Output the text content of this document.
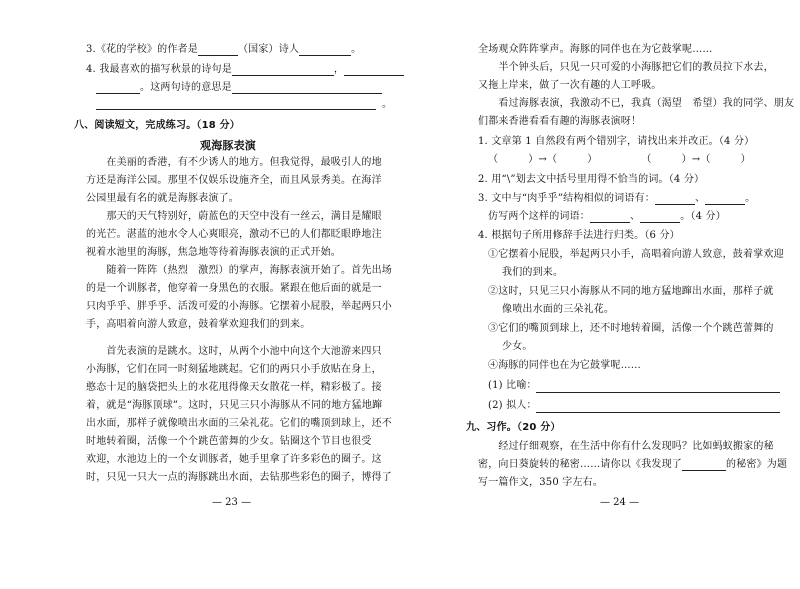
3.《花的学校》的作者是	（国家）诗人	。
4. 我最喜欢的描写秋景的诗句是	，
。这两句诗的意思是
。
八、阅读短文，完成练习。（18 分）
观海豚表演
　　在美丽的香港，有不少诱人的地方。但我觉得，最吸引人的地
方还是海洋公园。那里不仅娱乐设施齐全，而且风景秀美。在海洋
公园里最有名的就是海豚表演了。
　　那天的天气特别好，蔚蓝色的天空中没有一丝云，满目是耀眼
的光芒。湛蓝的池水令人心爽眼亮，激动不已的人们都眨眼睁地注
视着水池里的海豚，焦急地等待着海豚表演的正式开始。
　　随着一阵阵（热烈　激烈）的掌声，海豚表演开始了。首先出场
的是一个训豚者，他穿着一身黑色的衣服。紧跟在他后面的就是一
只肉乎乎、胖乎乎、活泼可爱的小海豚。它摆着小屁股，举起两只小
手，高唱着向游人致意，鼓着掌欢迎我们的到来。
　　首先表演的是跳水。这时，从两个小池中向这个大池游来四只
小海豚，它们在同一时刻猛地跳起。它们的两只小手放贴在身上，
憨态十足的脑袋把头上的水花甩得像天女散花一样，精彩极了。接
着，就是“海豚顶球”。这时，只见三只小海豚从不同的地方猛地蹿
出水面，那样子就像喷出水面的三朵礼花。它们的嘴顶到球上，还不
时地转着圈，活像一个个跳芭蕾舞的少女。钻圈这个节目也很受
欢迎，水池边上的一个女训豚者，她手里拿了许多彩色的圈子。这
时，只见一只大一点的海豚跳出水面，去钻那些彩色的圈子，博得了
— 23 —
全场观众阵阵掌声。海豚的同伴也在为它鼓掌呢……
　　半个钟头后，只见一只可爱的小海豚把它们的教员拉下水去，
又拖上岸来，做了一次有趣的人工呼吸。
　　看过海豚表演，我激动不已，我真（渴望　希望）我的同学、朋友
们都来香港看看有趣的海豚表演呀！
1. 文章第 1 自然段有两个错别字，请找出来并改正。（4 分）
（	）→（	）	（	）→（	）
2. 用“\”划去文中括号里用得不恰当的词。（4 分）
3. 文中与“肉乎乎”结构相似的词语有：	、	。
仿写两个这样的词语：	、	。（4 分）
4. 根据句子所用修辞手法进行归类。（6 分）
①它摆着小屁股，举起两只小手，高唱着向游人致意，鼓着掌欢迎
我们的到来。
②这时，只见三只小海豚从不同的地方猛地蹿出水面，那样子就
像喷出水面的三朵礼花。
③它们的嘴顶到球上，还不时地转着圈，活像一个个跳芭蕾舞的
少女。
④海豚的同伴也在为它鼓掌呢……
(1) 比喻：
(2) 拟人：
九、习作。（20 分）
　　经过仔细观察，在生活中你有什么发现吗？比如蚂蚁搬家的秘
密，向日葵旋转的秘密……请你以《我发现了	的秘密》为题
写一篇作文，350 字左右。
— 24 —
